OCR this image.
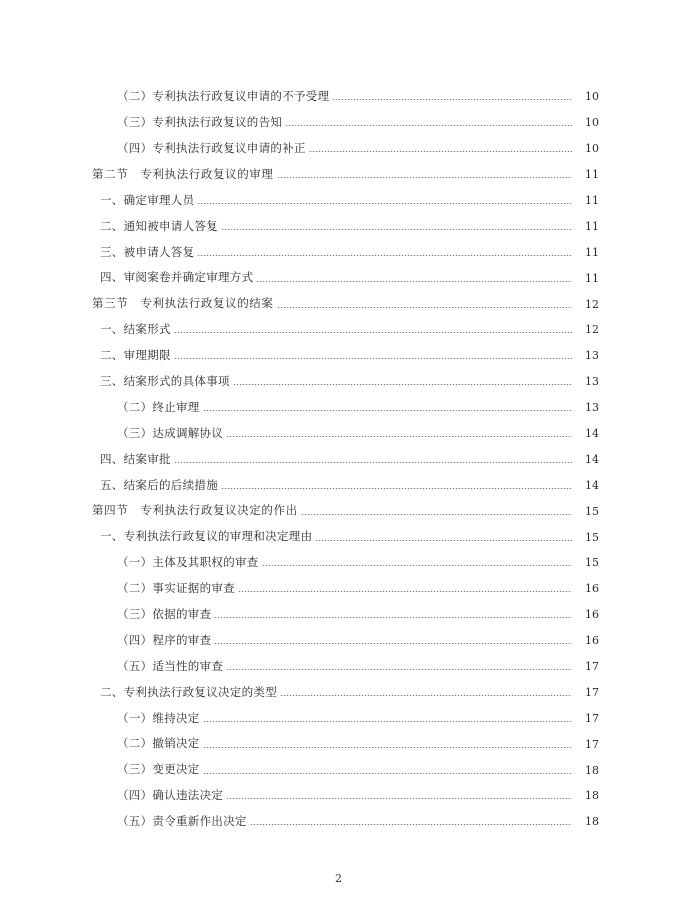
（二）专利执法行政复议申请的不予受理	10
（三）专利执法行政复议的告知	10
（四）专利执法行政复议申请的补正	10
第二节　专利执法行政复议的审理	11
一、确定审理人员	11
二、通知被申请人答复	11
三、被申请人答复	11
四、审阅案卷并确定审理方式	11
第三节　专利执法行政复议的结案	12
一、结案形式	12
二、审理期限	13
三、结案形式的具体事项	13
（二）终止审理	13
（三）达成调解协议	14
四、结案审批	14
五、结案后的后续措施	14
第四节　专利执法行政复议决定的作出	15
一、专利执法行政复议的审理和决定理由	15
（一）主体及其职权的审查	15
（二）事实证据的审查	16
（三）依据的审查	16
（四）程序的审查	16
（五）适当性的审查	17
二、专利执法行政复议决定的类型	17
（一）维持决定	17
（二）撤销决定	17
（三）变更决定	18
（四）确认违法决定	18
（五）责令重新作出决定	18
2
